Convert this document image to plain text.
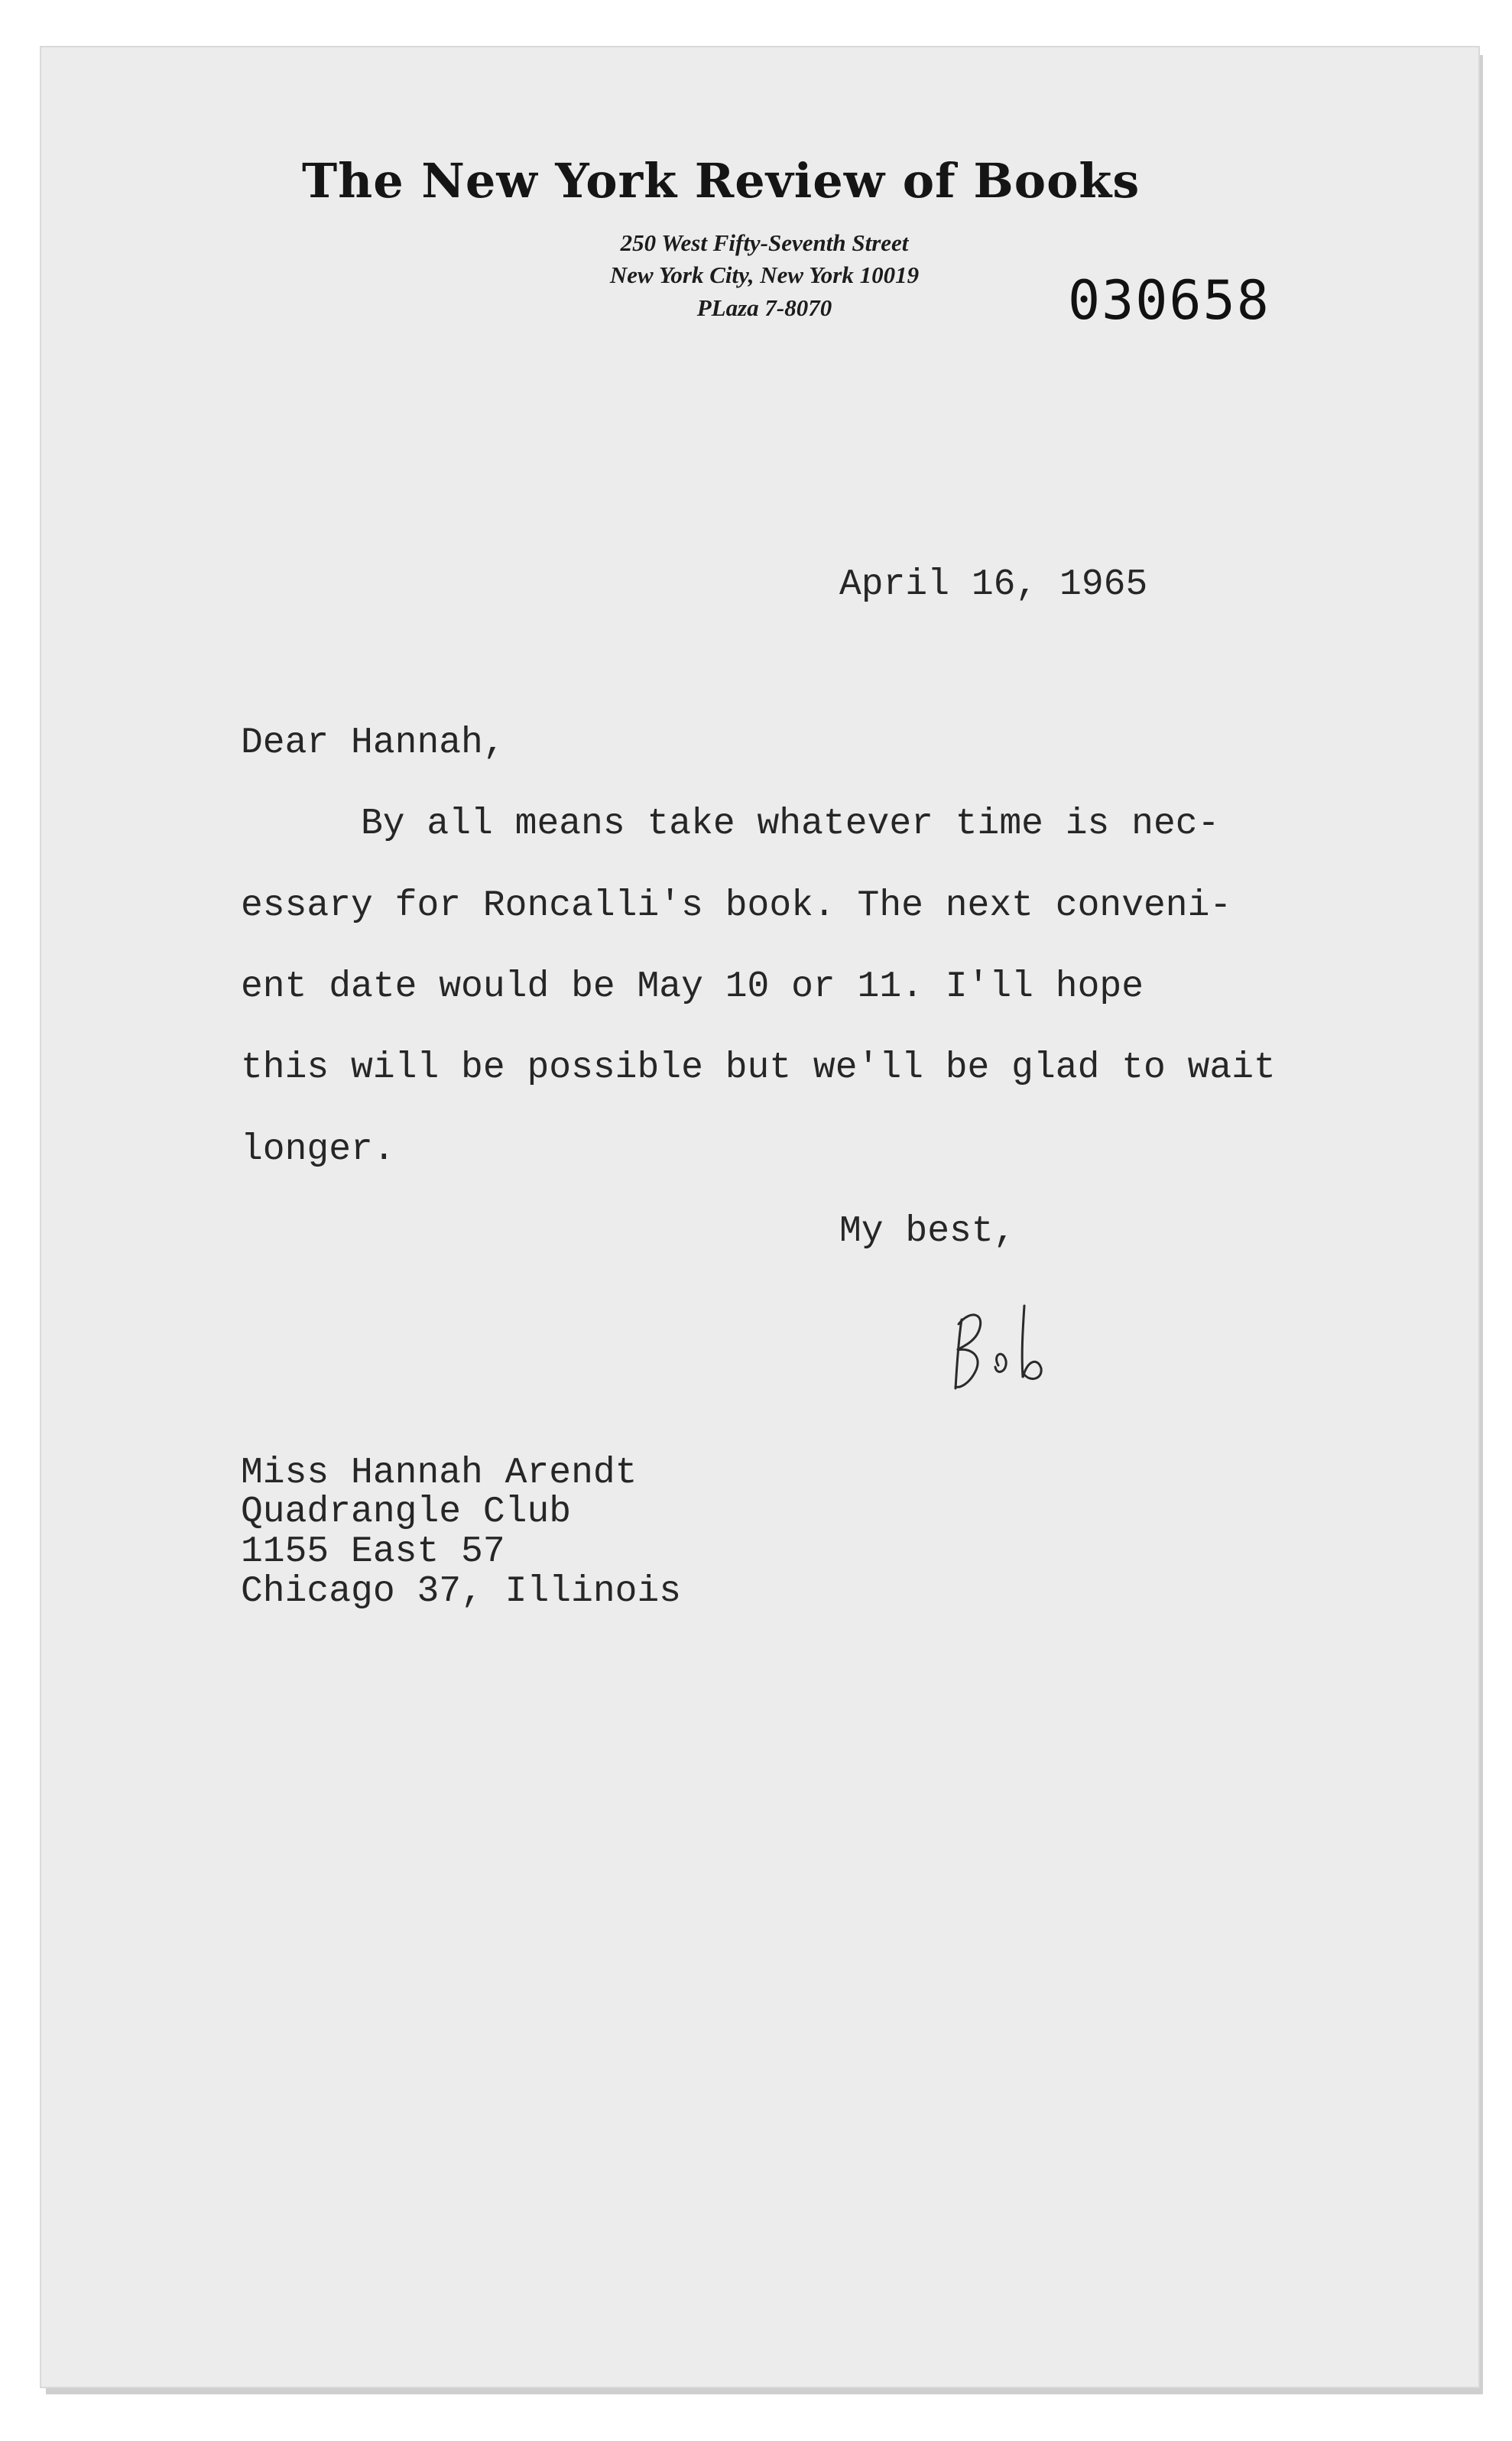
The New York Review of Books
250 West Fifty-Seventh Street
New York City, New York 10019
PLaza 7-8070	030658
April 16, 1965
Dear Hannah,
By all means take whatever time is nec-
essary for Roncalli's book. The next conveni-
ent date would be May 10 or 11. I'll hope
this will be possible but we'll be glad to wait
longer.
My best,
Miss Hannah Arendt
Quadrangle Club
1155 East 57
Chicago 37, Illinois
